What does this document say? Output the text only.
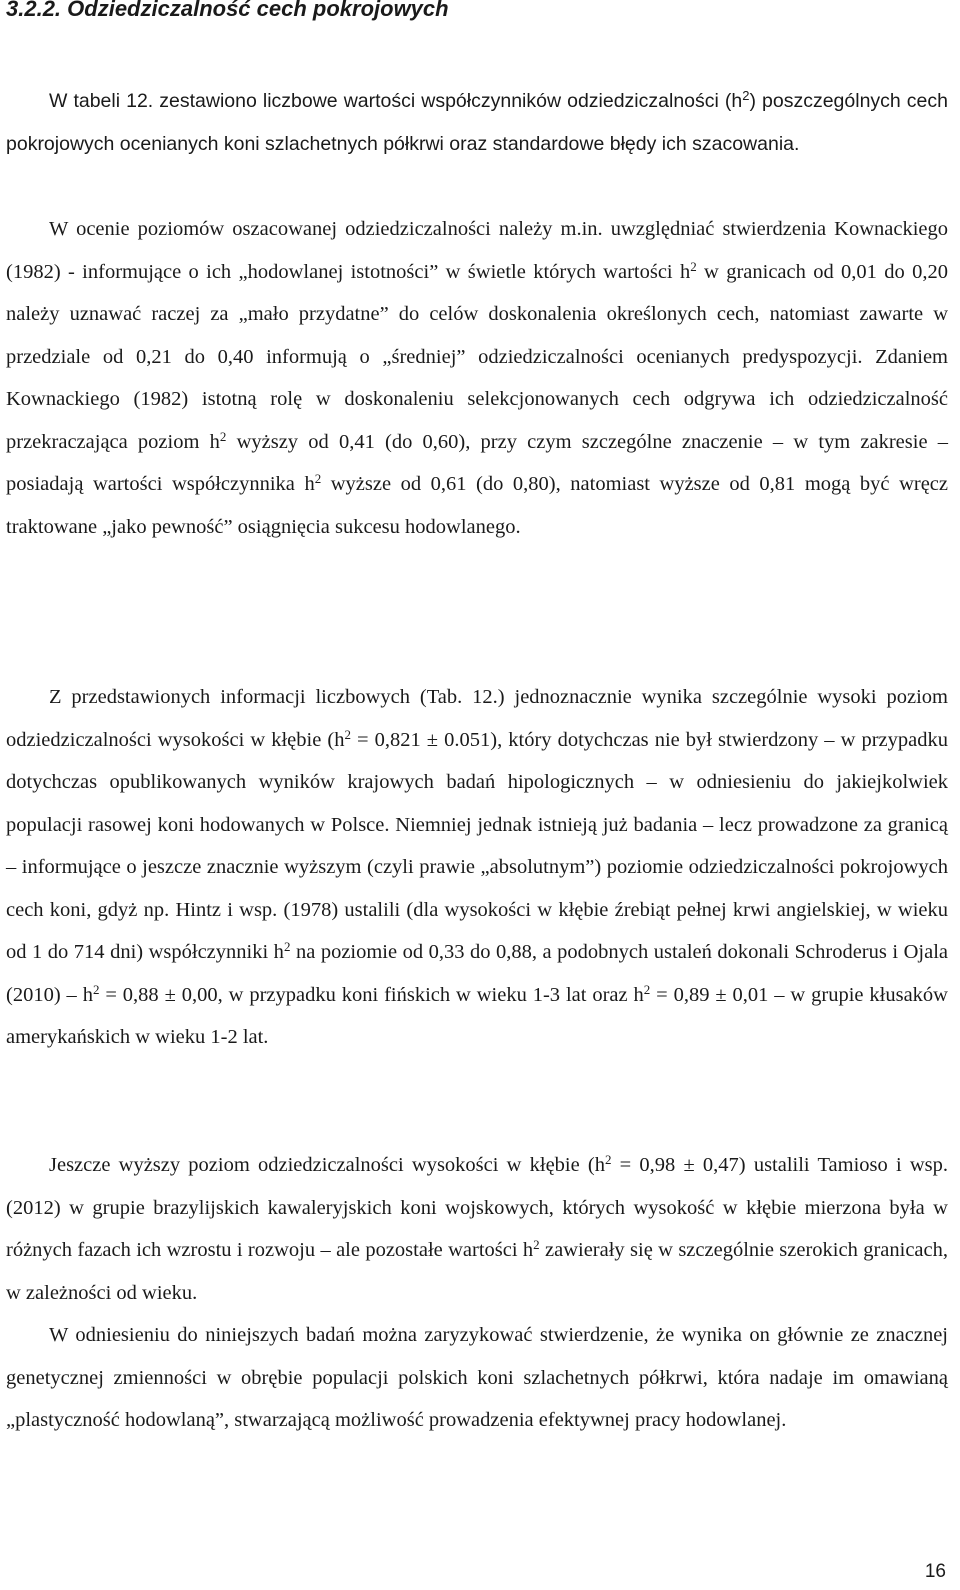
3.2.2. Odziedziczalność cech pokrojowych

W tabeli 12. zestawiono liczbowe wartości współczynników odziedziczalności $(h^2)$ poszczególnych cech pokrojowych ocenianych koni szlachetnych półkrwi oraz standardowe błędy ich szacowania.

W ocenie poziomów oszacowanej odziedziczalności należy m.in. uwzględniać stwierdzenia Kownackiego (1982) - informujące o ich „hodowlanej istotności” w świetle których wartości $h^2$ w granicach od 0,01 do 0,20 należy uznawać raczej za „mało przydatne” do celów doskonalenia określonych cech, natomiast zawarte w przedziale od 0,21 do 0,40 informują o „średniej” odziedziczalności ocenianych predyspozycji. Zdaniem Kownackiego (1982) istotną rolę w doskonaleniu selekcjonowanych cech odgrywa ich odziedziczalność przekraczająca poziom $h^2$ wyższy od 0,41 (do 0,60), przy czym szczególne znaczenie – w tym zakresie – posiadają wartości współczynnika $h^2$ wyższe od 0,61 (do 0,80), natomiast wyższe od 0,81 mogą być wręcz traktowane „jako pewność” osiągnięcia sukcesu hodowlanego.

Z przedstawionych informacji liczbowych (Tab. 12.) jednoznacznie wynika szczególnie wysoki poziom odziedziczalności wysokości w kłębie $(h^2 = 0,821 \pm 0.051)$, który dotychczas nie był stwierdzony – w przypadku dotychczas opublikowanych wyników krajowych badań hipologicznych – w odniesieniu do jakiejkolwiek populacji rasowej koni hodowanych w Polsce. Niemniej jednak istnieją już badania – lecz prowadzone za granicą – informujące o jeszcze znacznie wyższym (czyli prawie „absolutnym”) poziomie odziedziczalności pokrojowych cech koni, gdyż np. Hintz i wsp. (1978) ustalili (dla wysokości w kłębie źrebiąt pełnej krwi angielskiej, w wieku od 1 do 714 dni) współczynniki $h^2$ na poziomie od 0,33 do 0,88, a podobnych ustaleń dokonali Schroderus i Ojala $(2010) - h^2 = 0,88 \pm 0,00$, w przypadku koni fińskich w wieku 1-3 lat oraz $h^2 = 0,89 \pm 0,01 - w$ grupie kłusaków amerykańskich w wieku 1-2 lat.

Jeszcze wyższy poziom odziedziczalności wysokości w kłębie $(h^2 = 0,98 \pm 0,47)$ ustalili Tamioso i wsp. (2012) w grupie brazylijskich kawaleryjskich koni wojskowych, których wysokość w kłębie mierzona była w różnych fazach ich wzrostu i rozwoju – ale pozostałe wartości $h^2$ zawierały się w szczególnie szerokich granicach, w zależności od wieku.

W odniesieniu do niniejszych badań można zaryzykować stwierdzenie, że wynika on głównie ze znacznej genetycznej zmienności w obrębie populacji polskich koni szlachetnych półkrwi, która nadaje im omawianą „plastyczność hodowlaną”, stwarzającą możliwość prowadzenia efektywnej pracy hodowlanej.

16
